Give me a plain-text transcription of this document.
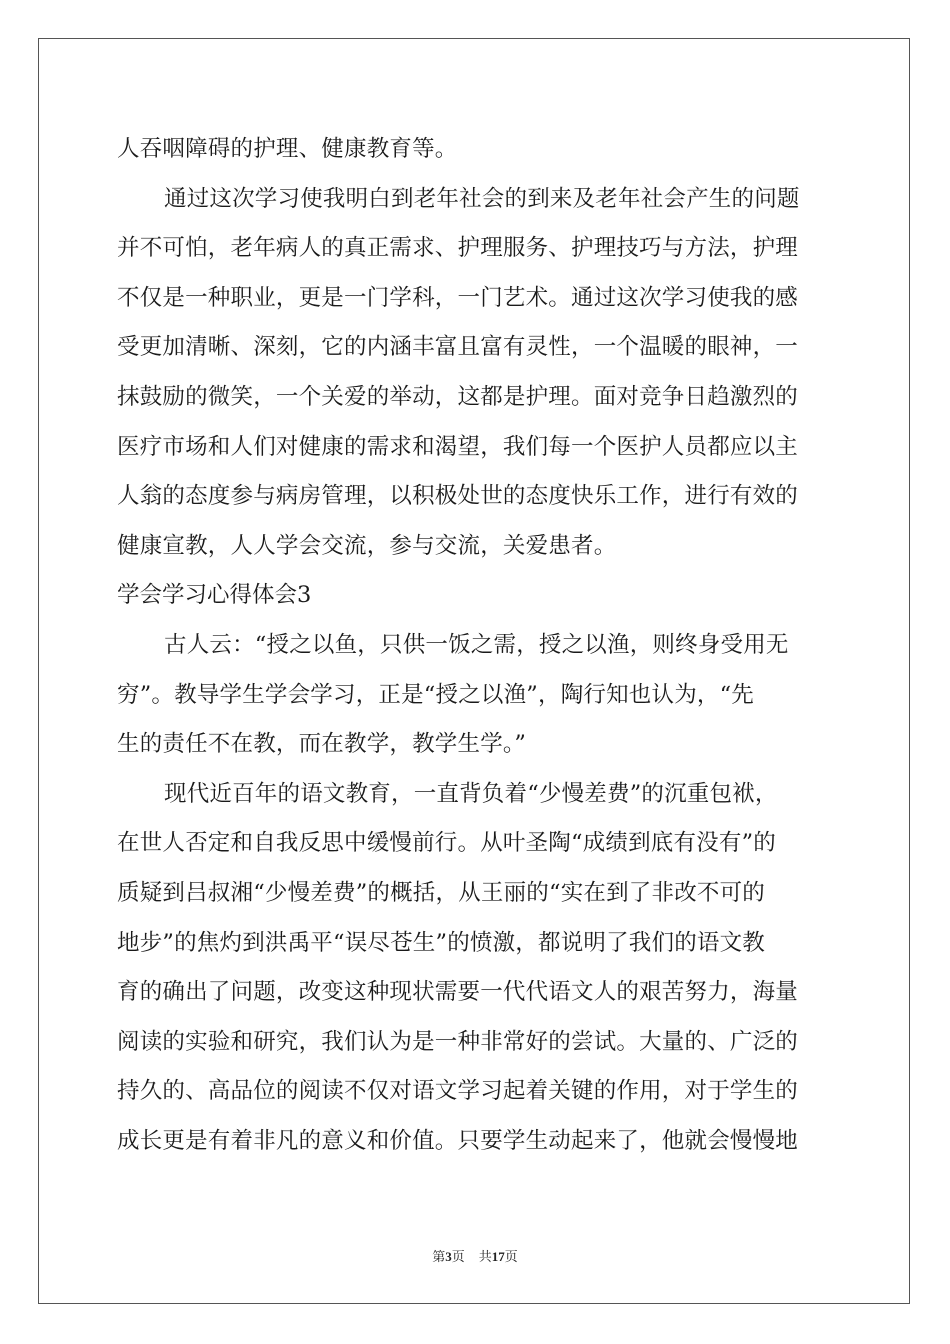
人吞咽障碍的护理、健康教育等。
通过这次学习使我明白到老年社会的到来及老年社会产生的问题
并不可怕，老年病人的真正需求、护理服务、护理技巧与方法，护理
不仅是一种职业，更是一门学科，一门艺术。通过这次学习使我的感
受更加清晰、深刻，它的内涵丰富且富有灵性，一个温暖的眼神，一
抹鼓励的微笑，一个关爱的举动，这都是护理。面对竞争日趋激烈的
医疗市场和人们对健康的需求和渴望，我们每一个医护人员都应以主
人翁的态度参与病房管理，以积极处世的态度快乐工作，进行有效的
健康宣教，人人学会交流，参与交流，关爱患者。
学会学习心得体会3
古人云：“授之以鱼，只供一饭之需，授之以渔，则终身受用无
穷”。教导学生学会学习，正是“授之以渔”，陶行知也认为，“先
生的责任不在教，而在教学，教学生学。”
现代近百年的语文教育，一直背负着“少慢差费”的沉重包袱，
在世人否定和自我反思中缓慢前行。从叶圣陶“成绩到底有没有”的
质疑到吕叔湘“少慢差费”的概括，从王丽的“实在到了非改不可的
地步”的焦灼到洪禹平“误尽苍生”的愤激，都说明了我们的语文教
育的确出了问题，改变这种现状需要一代代语文人的艰苦努力，海量
阅读的实验和研究，我们认为是一种非常好的尝试。大量的、广泛的
持久的、高品位的阅读不仅对语文学习起着关键的作用，对于学生的
成长更是有着非凡的意义和价值。只要学生动起来了，他就会慢慢地
第3页 共17页
